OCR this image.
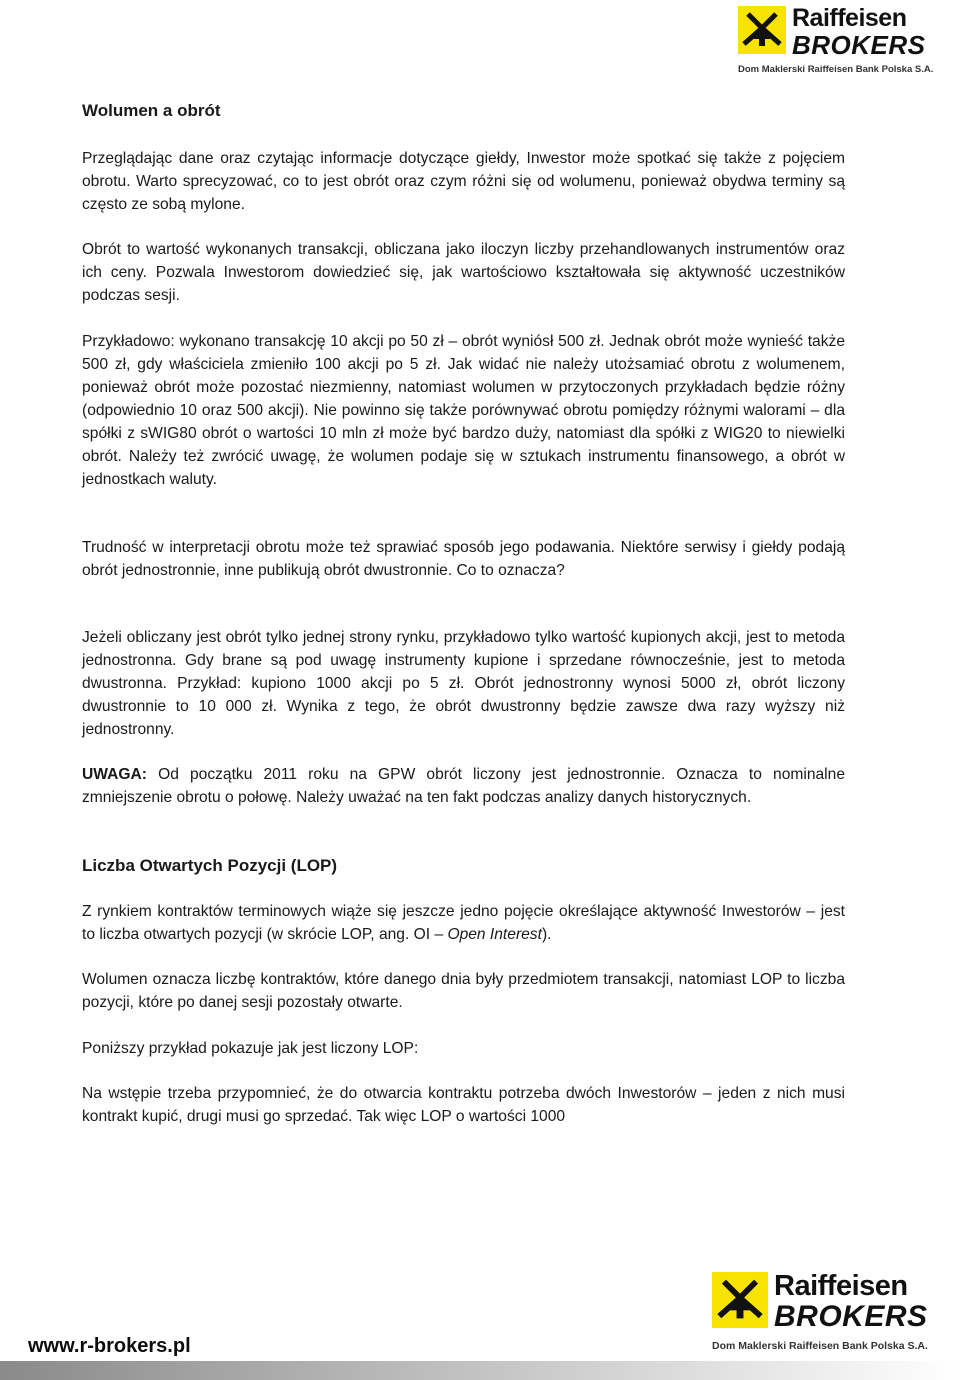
Raiffeisen
BROKERS
Dom Maklerski Raiffeisen Bank Polska S.A.
Wolumen a obrót

Przeglądając dane oraz czytając informacje dotyczące giełdy, Inwestor może spotkać się także z pojęciem obrotu. Warto sprecyzować, co to jest obrót oraz czym różni się od wolumenu, ponieważ obydwa terminy są często ze sobą mylone.

Obrót to wartość wykonanych transakcji, obliczana jako iloczyn liczby przehandlowanych instrumentów oraz ich ceny. Pozwala Inwestorom dowiedzieć się, jak wartościowo kształtowała się aktywność uczestników podczas sesji.

Przykładowo: wykonano transakcję 10 akcji po 50 zł – obrót wyniósł 500 zł. Jednak obrót może wynieść także 500 zł, gdy właściciela zmieniło 100 akcji po 5 zł. Jak widać nie należy utożsamiać obrotu z wolumenem, ponieważ obrót może pozostać niezmienny, natomiast wolumen w przytoczonych przykładach będzie różny (odpowiednio 10 oraz 500 akcji). Nie powinno się także porównywać obrotu pomiędzy różnymi walorami – dla spółki z sWIG80 obrót o wartości 10 mln zł może być bardzo duży, natomiast dla spółki z WIG20 to niewielki obrót. Należy też zwrócić uwagę, że wolumen podaje się w sztukach instrumentu finansowego, a obrót w jednostkach waluty.

Trudność w interpretacji obrotu może też sprawiać sposób jego podawania. Niektóre serwisy i giełdy podają obrót jednostronnie, inne publikują obrót dwustronnie. Co to oznacza?

Jeżeli obliczany jest obrót tylko jednej strony rynku, przykładowo tylko wartość kupionych akcji, jest to metoda jednostronna. Gdy brane są pod uwagę instrumenty kupione i sprzedane równocześnie, jest to metoda dwustronna. Przykład: kupiono 1000 akcji po 5 zł. Obrót jednostronny wynosi 5000 zł, obrót liczony dwustronnie to 10 000 zł. Wynika z tego, że obrót dwustronny będzie zawsze dwa razy wyższy niż jednostronny.

UWAGA: Od początku 2011 roku na GPW obrót liczony jest jednostronnie. Oznacza to nominalne zmniejszenie obrotu o połowę. Należy uważać na ten fakt podczas analizy danych historycznych.

Liczba Otwartych Pozycji (LOP)

Z rynkiem kontraktów terminowych wiąże się jeszcze jedno pojęcie określające aktywność Inwestorów – jest to liczba otwartych pozycji (w skrócie LOP, ang. OI – Open Interest).

Wolumen oznacza liczbę kontraktów, które danego dnia były przedmiotem transakcji, natomiast LOP to liczba pozycji, które po danej sesji pozostały otwarte.

Poniższy przykład pokazuje jak jest liczony LOP:

Na wstępie trzeba przypomnieć, że do otwarcia kontraktu potrzeba dwóch Inwestorów – jeden z nich musi kontrakt kupić, drugi musi go sprzedać. Tak więc LOP o wartości 1000

Raiffeisen
BROKERS
Dom Maklerski Raiffeisen Bank Polska S.A.
www.r-brokers.pl
